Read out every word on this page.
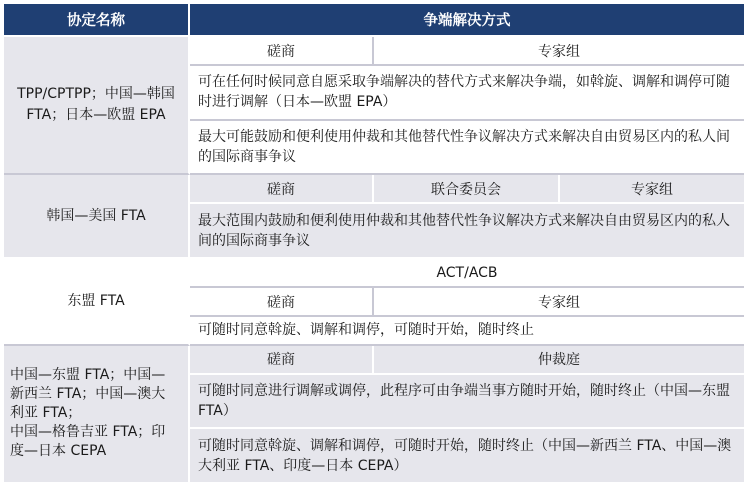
协定名称	争端解决方式		

TPP/CPTPP；中国—韩国
FTA；日本—欧盟 EPA	磋商	专家组	
	可在任何时候同意自愿采取争端解决的替代方式来解决争端，如斡旋、调解和调停可随时进行调解（日本—欧盟 EPA）		
	最大可能鼓励和便利使用仲裁和其他替代性争议解决方式来解决自由贸易区内的私人间的国际商事争议		

韩国—美国 FTA	磋商	联合委员会	专家组
	最大范围内鼓励和便利使用仲裁和其他替代性争议解决方式来解决自由贸易区内的私人间的国际商事争议		

东盟 FTA	ACT/ACB		
	磋商	专家组	
	可随时同意斡旋、调解和调停，可随时开始，随时终止		

中国—东盟 FTA；中国—
新西兰 FTA；中国—澳大
利亚 FTA；
中国—格鲁吉亚 FTA；印
度—日本 CEPA	磋商	仲裁庭	
	可随时同意进行调解或调停，此程序可由争端当事方随时开始，随时终止（中国—东盟 FTA）		
	可随时同意斡旋、调解和调停，可随时开始，随时终止（中国—新西兰 FTA、中国—澳大利亚 FTA、印度—日本 CEPA）		
